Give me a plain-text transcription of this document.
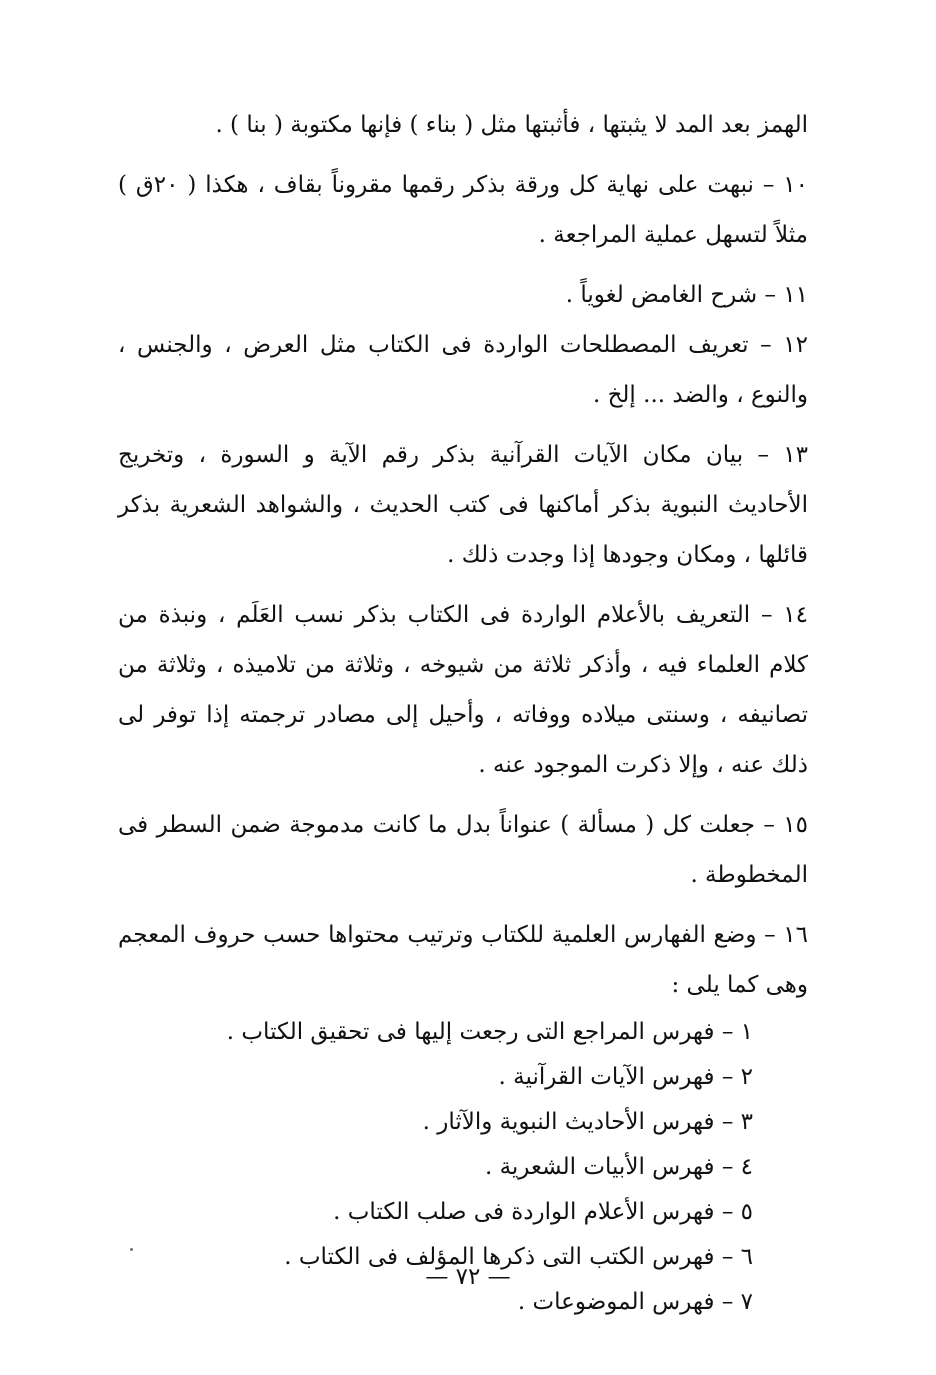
الهمز بعد المد لا يثبتها ، فأثبتها مثل ( بناء ) فإنها مكتوبة ( بنا ) .

١٠ – نبهت على نهاية كل ورقة بذكر رقمها مقروناً بقاف ، هكذا ( ٢٠ق ) مثلاً لتسهل عملية المراجعة .

١١ – شرح الغامض لغوياً .

١٢ – تعريف المصطلحات الواردة فى الكتاب مثل العرض ، والجنس ، والنوع ، والضد ... إلخ .

١٣ – بيان مكان الآيات القرآنية بذكر رقم الآية و السورة ، وتخريج الأحاديث النبوية بذكر أماكنها فى كتب الحديث ، والشواهد الشعرية بذكر قائلها ، ومكان وجودها إذا وجدت ذلك .

١٤ – التعريف بالأعلام الواردة فى الكتاب بذكر نسب العَلَم ، ونبذة من كلام العلماء فيه ، وأذكر ثلاثة من شيوخه ، وثلاثة من تلاميذه ، وثلاثة من تصانيفه ، وسنتى ميلاده ووفاته ، وأحيل إلى مصادر ترجمته إذا توفر لى ذلك عنه ، وإلا ذكرت الموجود عنه .

١٥ – جعلت كل ( مسألة ) عنواناً بدل ما كانت مدموجة ضمن السطر فى المخطوطة .

١٦ – وضع الفهارس العلمية للكتاب وترتيب محتواها حسب حروف المعجم وهى كما يلى :

١ – فهرس المراجع التى رجعت إليها فى تحقيق الكتاب .
٢ – فهرس الآيات القرآنية .
٣ – فهرس الأحاديث النبوية والآثار .
٤ – فهرس الأبيات الشعرية .
٥ – فهرس الأعلام الواردة فى صلب الكتاب .
٦ – فهرس الكتب التى ذكرها المؤلف فى الكتاب .
٧ – فهرس الموضوعات .
— ٧٢ —
